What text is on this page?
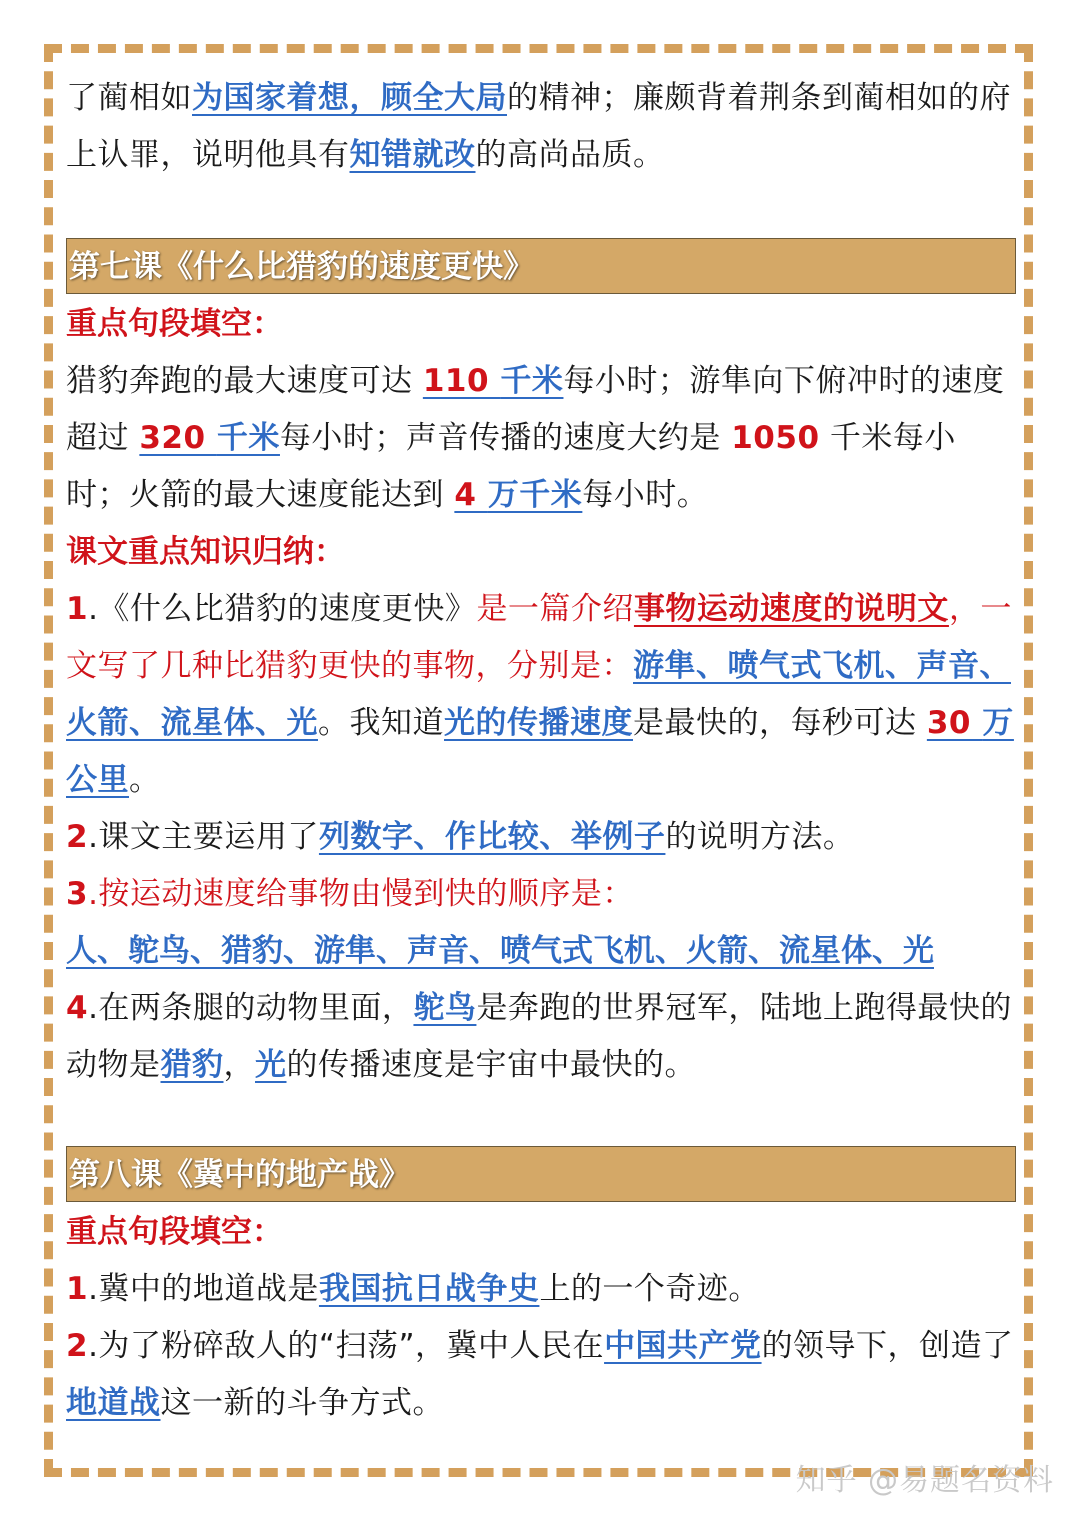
了蔺相如为国家着想，顾全大局的精神；廉颇背着荆条到蔺相如的府上认罪，说明他具有知错就改的高尚品质。

第七课《什么比猎豹的速度更快》

重点句段填空：

猎豹奔跑的最大速度可达 110 千米每小时；游隼向下俯冲时的速度超过 320 千米每小时；声音传播的速度大约是 1050 千米每小时；火箭的最大速度能达到 4 万千米每小时。

课文重点知识归纳：

1.《什么比猎豹的速度更快》是一篇介绍事物运动速度的说明文，一文写了几种比猎豹更快的事物，分别是：游隼、喷气式飞机、声音、火箭、流星体、光。我知道光的传播速度是最快的，每秒可达 30 万公里。

2.课文主要运用了列数字、作比较、举例子的说明方法。

3.按运动速度给事物由慢到快的顺序是：
人、鸵鸟、猎豹、游隼、声音、喷气式飞机、火箭、流星体、光

4.在两条腿的动物里面，鸵鸟是奔跑的世界冠军，陆地上跑得最快的动物是猎豹，光的传播速度是宇宙中最快的。

第八课《冀中的地产战》

重点句段填空：

1.冀中的地道战是我国抗日战争史上的一个奇迹。

2.为了粉碎敌人的“扫荡”，冀中人民在中国共产党的领导下，创造了地道战这一新的斗争方式。

知乎 @易题名资料
